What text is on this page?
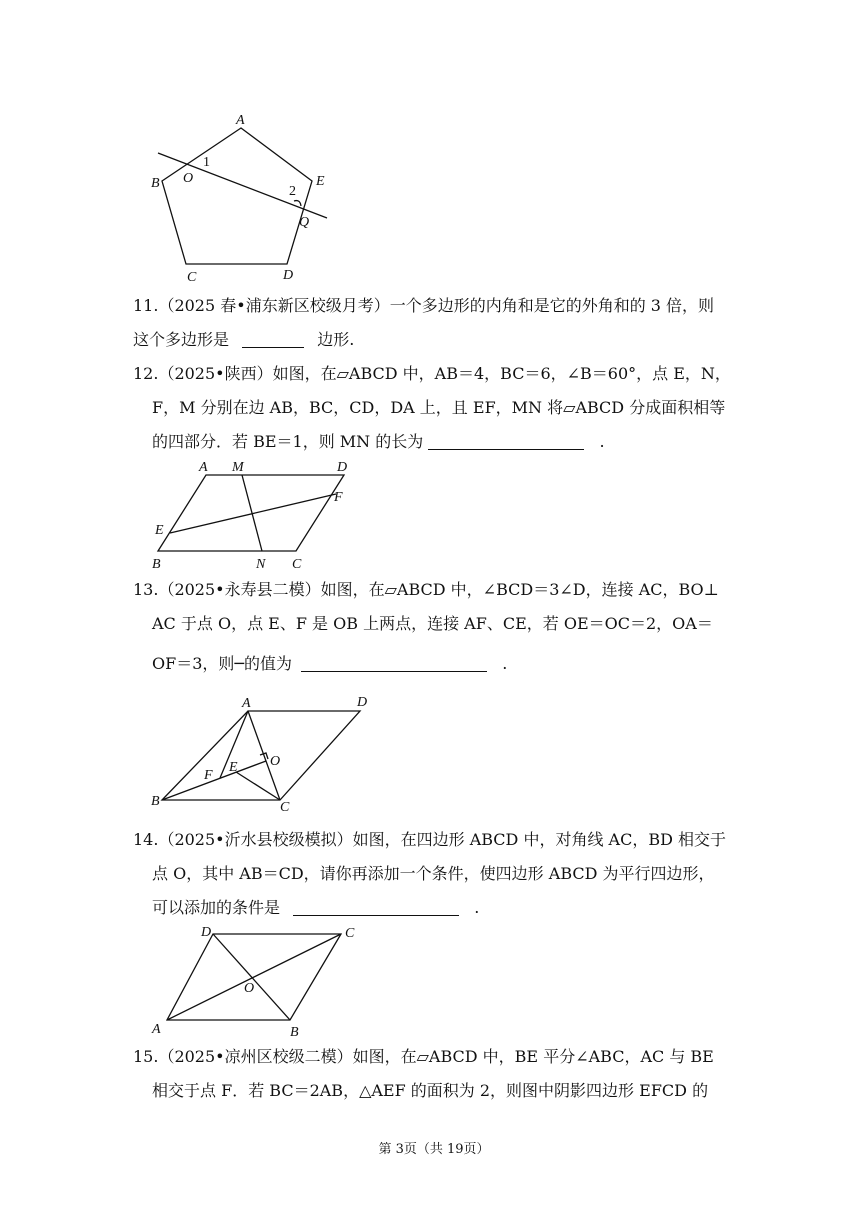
A
B
C	D
E
O
Q
1
2
A M	D
F
E
B	N C
A	D
O
E
F
B	C
D	C
O
A	B
11.（2025 春•浦东新区校级月考）一个多边形的内角和是它的外角和的 3 倍，则
这个多边形是	边形.
12.（2025•陕西）如图，在▱ABCD 中，AB＝4，BC＝6，∠B＝60°，点 E，N，
F，M 分别在边 AB，BC，CD，DA 上，且 EF，MN 将▱ABCD 分成面积相等
的四部分．若 BE＝1，则 MN 的长为	.
13.（2025•永寿县二模）如图，在▱ABCD 中，∠BCD＝3∠D，连接 AC，BO⊥
AC 于点 O，点 E、F 是 OB 上两点，连接 AF、CE，若 OE＝OC＝2，OA＝
OF＝3，则─的值为	.
14.（2025•沂水县校级模拟）如图，在四边形 ABCD 中，对角线 AC，BD 相交于
点 O，其中 AB＝CD，请你再添加一个条件，使四边形 ABCD 为平行四边形，
可以添加的条件是	.
15.（2025•凉州区校级二模）如图，在▱ABCD 中，BE 平分∠ABC，AC 与 BE
相交于点 F．若 BC＝2AB，△AEF 的面积为 2，则图中阴影四边形 EFCD 的
第 3页（共 19页）
